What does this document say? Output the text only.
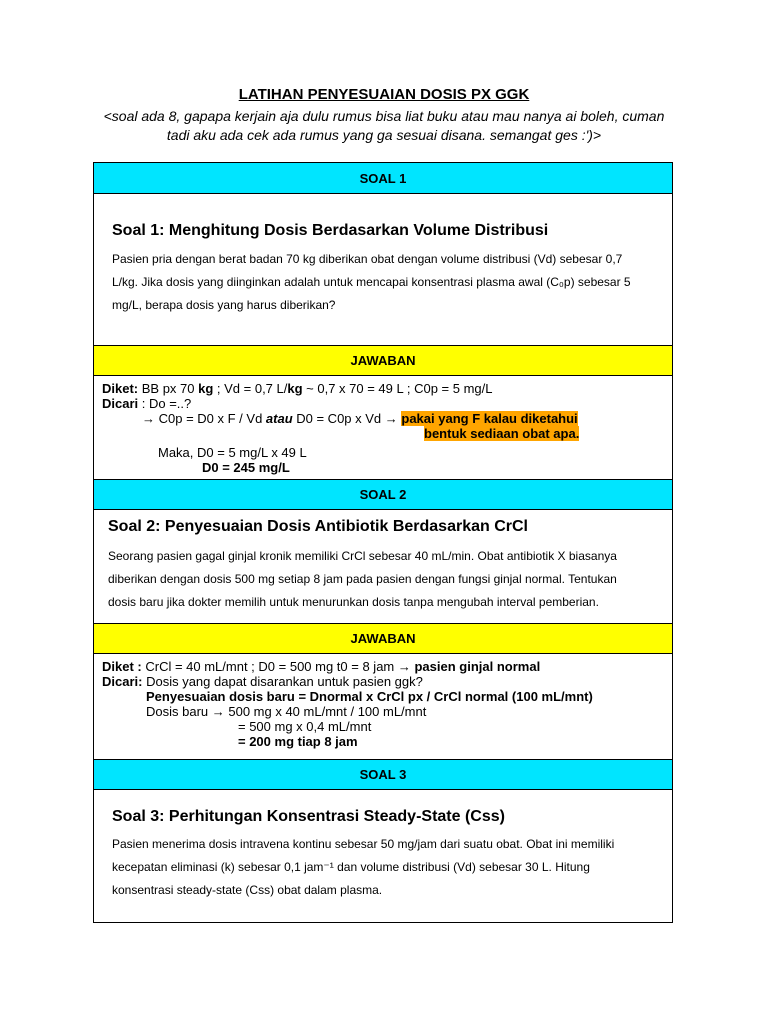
LATIHAN PENYESUAIAN DOSIS PX GGK
<soal ada 8, gapapa kerjain aja dulu rumus bisa liat buku atau mau nanya ai boleh, cuman
tadi aku ada cek ada rumus yang ga sesuai disana. semangat ges :')>
SOAL 1
Soal 1: Menghitung Dosis Berdasarkan Volume Distribusi
Pasien pria dengan berat badan 70 kg diberikan obat dengan volume distribusi (Vd) sebesar 0,7
L/kg. Jika dosis yang diinginkan adalah untuk mencapai konsentrasi plasma awal (C₀p) sebesar 5
mg/L, berapa dosis yang harus diberikan?
JAWABAN
Diket: BB px 70 kg ; Vd = 0,7 L/kg ~ 0,7 x 70 = 49 L ; C0p = 5 mg/L
Dicari : Do =..?
→ C0p = D0 x F / Vd atau D0 = C0p x Vd → pakai yang F kalau diketahui
bentuk sediaan obat apa.
Maka, D0 = 5 mg/L x 49 L
D0 = 245 mg/L
SOAL 2
Soal 2: Penyesuaian Dosis Antibiotik Berdasarkan CrCl
Seorang pasien gagal ginjal kronik memiliki CrCl sebesar 40 mL/min. Obat antibiotik X biasanya
diberikan dengan dosis 500 mg setiap 8 jam pada pasien dengan fungsi ginjal normal. Tentukan
dosis baru jika dokter memilih untuk menurunkan dosis tanpa mengubah interval pemberian.
JAWABAN
Diket : CrCl = 40 mL/mnt ; D0 = 500 mg t0 = 8 jam → pasien ginjal normal
Dicari: Dosis yang dapat disarankan untuk pasien ggk?
Penyesuaian dosis baru = Dnormal x CrCl px / CrCl normal (100 mL/mnt)
Dosis baru → 500 mg x 40 mL/mnt / 100 mL/mnt
= 500 mg x 0,4 mL/mnt
= 200 mg tiap 8 jam
SOAL 3
Soal 3: Perhitungan Konsentrasi Steady-State (Css)
Pasien menerima dosis intravena kontinu sebesar 50 mg/jam dari suatu obat. Obat ini memiliki
kecepatan eliminasi (k) sebesar 0,1 jam⁻¹ dan volume distribusi (Vd) sebesar 30 L. Hitung
konsentrasi steady-state (Css) obat dalam plasma.
